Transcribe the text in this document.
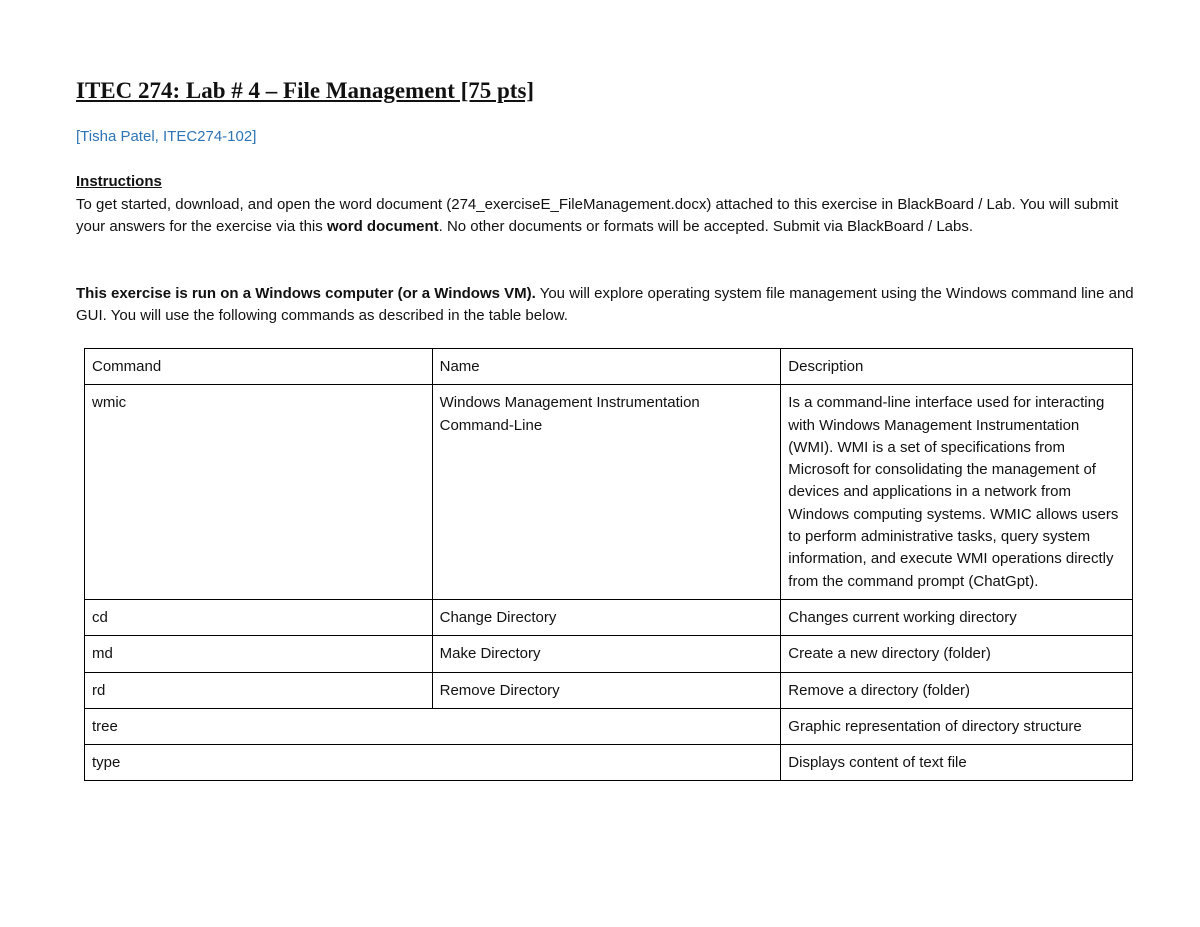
ITEC 274: Lab # 4 – File Management [75 pts]
[Tisha Patel, ITEC274-102]
Instructions
To get started, download, and open the word document (274_exerciseE_FileManagement.docx) attached to this exercise in BlackBoard / Lab. You will submit your answers for the exercise via this word document. No other documents or formats will be accepted. Submit via BlackBoard / Labs.
This exercise is run on a Windows computer (or a Windows VM). You will explore operating system file management using the Windows command line and GUI. You will use the following commands as described in the table below.
Command	Name	Description
wmic	Windows Management Instrumentation Command-Line	Is a command-line interface used for interacting with Windows Management Instrumentation (WMI). WMI is a set of specifications from Microsoft for consolidating the management of devices and applications in a network from Windows computing systems. WMIC allows users to perform administrative tasks, query system information, and execute WMI operations directly from the command prompt (ChatGpt).
cd	Change Directory	Changes current working directory
md	Make Directory	Create a new directory (folder)
rd	Remove Directory	Remove a directory (folder)
tree		Graphic representation of directory structure
type		Displays content of text file
